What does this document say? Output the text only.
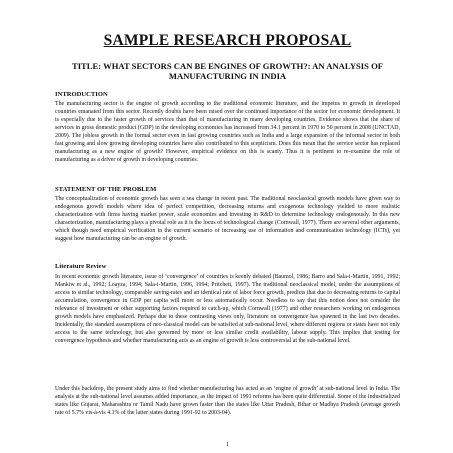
SAMPLE RESEARCH PROPOSAL
TITLE: WHAT SECTORS CAN BE ENGINES OF GROWTH?: AN ANALYSIS OF MANUFACTURING IN INDIA
INTRODUCTION
The manufacturing sector is the engine of growth according to the traditional economic literature, and the impetus to growth in developed countries emanated from this sector. Recently doubts have been raised over the continued importance of the sector for economic development. It is especially due to the faster growth of services than that of manufacturing in many developing countries. Evidence shows that the share of services in gross domestic product (GDP) in the developing economies has increased from 34.1 percent in 1970 to 50 percent in 2008 (UNCTAD, 2009). The jobless growth in the formal sector even in fast growing countries such as India and a large expansion of the informal sector in both fast growing and slow growing developing countries have also contributed to this scepticism. Does this mean that the service sector has replaced manufacturing as a new engine of growth? However, empirical evidence on this is scanty. Thus it is pertinent to re-examine the role of manufacturing as a driver of growth in developing countries.
STATEMENT OF THE PROBLEM
The conceptualization of economic growth has seen a sea change in recent past. The traditional neoclassical growth models have given way to endogenous growth models where idea of perfect competition, decreasing returns and exogenous technology yielded to more realistic characterization with firms having market power, scale economies and investing in R&D to determine technology endogenously. In this new characterization, manufacturing plays a pivotal role as it is the locus of technological change (Cornwall, 1977). There are several other arguments, which though need empirical verification in the current scenario of increasing use of information and communication technology (ICTs), yet suggest how manufacturing can be an engine of growth.
Literature Review
In recent economic growth literature, issue of ‘convergence’ of countries is keenly debated (Baumol, 1986; Barro and Sala-i-Martin, 1991, 1992; Mankiw et al., 1992; Loayza, 1994; Sala-i-Martin, 1996, 1994; Pritchett, 1997). The traditional neoclassical model, under the assumptions of access to similar technology, comparable saving-rates and an identical rate of labor force growth, predicts that due to decreasing returns to capital accumulation, convergence in GDP per capita will more or less automatically occur. Needless to say that this notion does not consider the relevance of investment or other supporting factors required to catch-up, which Cornwall (1977) and other researchers working on endogenous growth models have emphasized. Perhaps due to these contrasting views only, literature on convergence has spawned in the last two decades. Incidentally, the standard assumptions of neo-classical model can be satisfied at sub-national level, where different regions or states have not only access to the same technology, but also governed by more or less similar credit availability, labour supply. This implies that testing for convergence hypothesis and whether manufacturing acts as an engine of growth is less controversial at the sub-national level.
Under this backdrop, the present study aims to find whether manufacturing has acted as an ‘engine of growth’ at sub-national level in India. The analysis at the sub-national level assumes added importance, as the impact of 1991 reforms has been quite differential. Some of the industrialized states like Gujarat, Maharashtra or Tamil Nadu have grown faster than the states like Uttar Pradesh, Bihar or Madhya Pradesh (average growth rate of 5.7% vis-à-vis 4.1% of the latter states during 1991-92 to 2003-04).
1
